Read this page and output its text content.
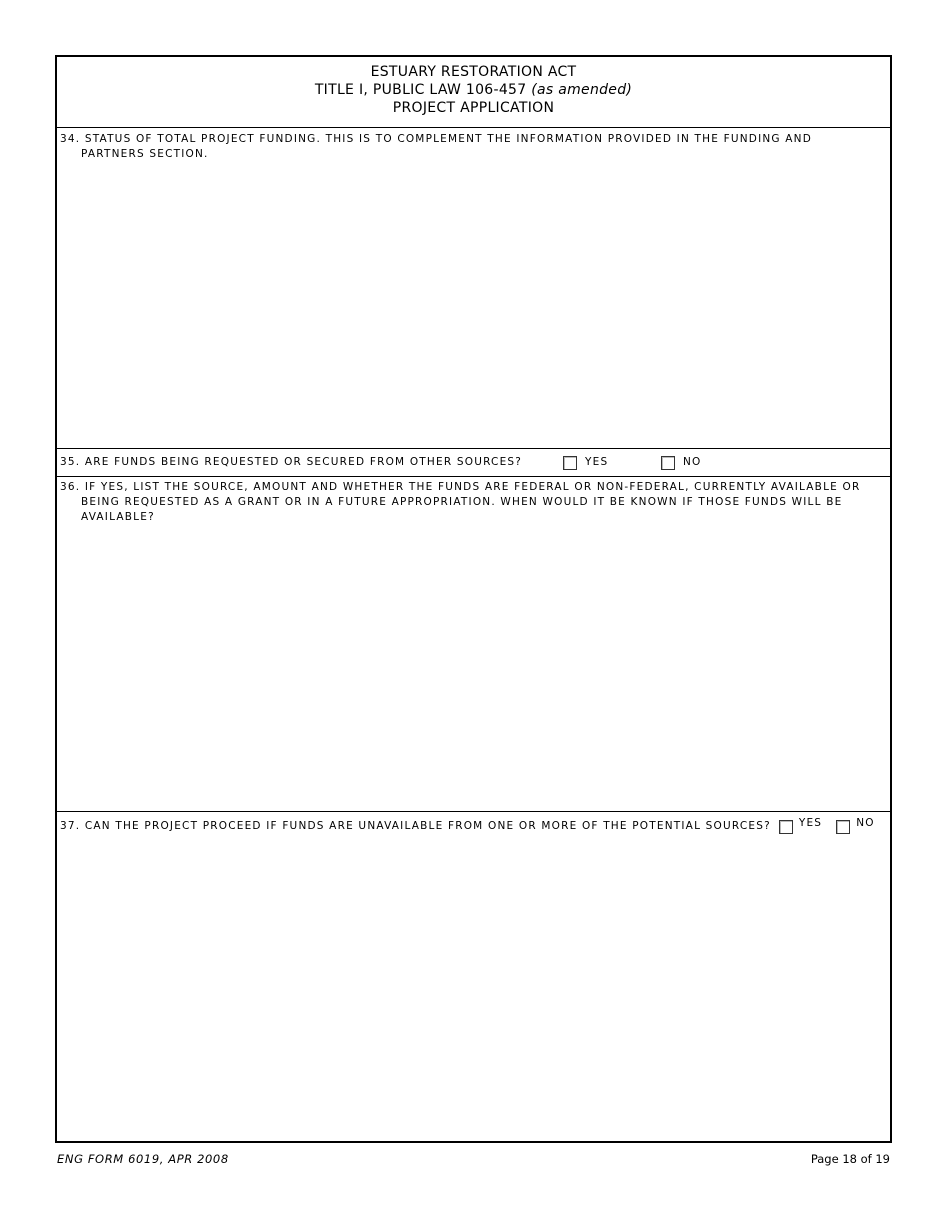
ESTUARY RESTORATION ACT
TITLE I, PUBLIC LAW 106-457 (as amended)
PROJECT APPLICATION
34. STATUS OF TOTAL PROJECT FUNDING. THIS IS TO COMPLEMENT THE INFORMATION PROVIDED IN THE FUNDING AND PARTNERS SECTION.
35. ARE FUNDS BEING REQUESTED OR SECURED FROM OTHER SOURCES?	YES	NO
36. IF YES, LIST THE SOURCE, AMOUNT AND WHETHER THE FUNDS ARE FEDERAL OR NON-FEDERAL, CURRENTLY AVAILABLE OR BEING REQUESTED AS A GRANT OR IN A FUTURE APPROPRIATION. WHEN WOULD IT BE KNOWN IF THOSE FUNDS WILL BE AVAILABLE?
37. CAN THE PROJECT PROCEED IF FUNDS ARE UNAVAILABLE FROM ONE OR MORE OF THE POTENTIAL SOURCES?	YES	NO
ENG FORM 6019, APR 2008	Page 18 of 19
